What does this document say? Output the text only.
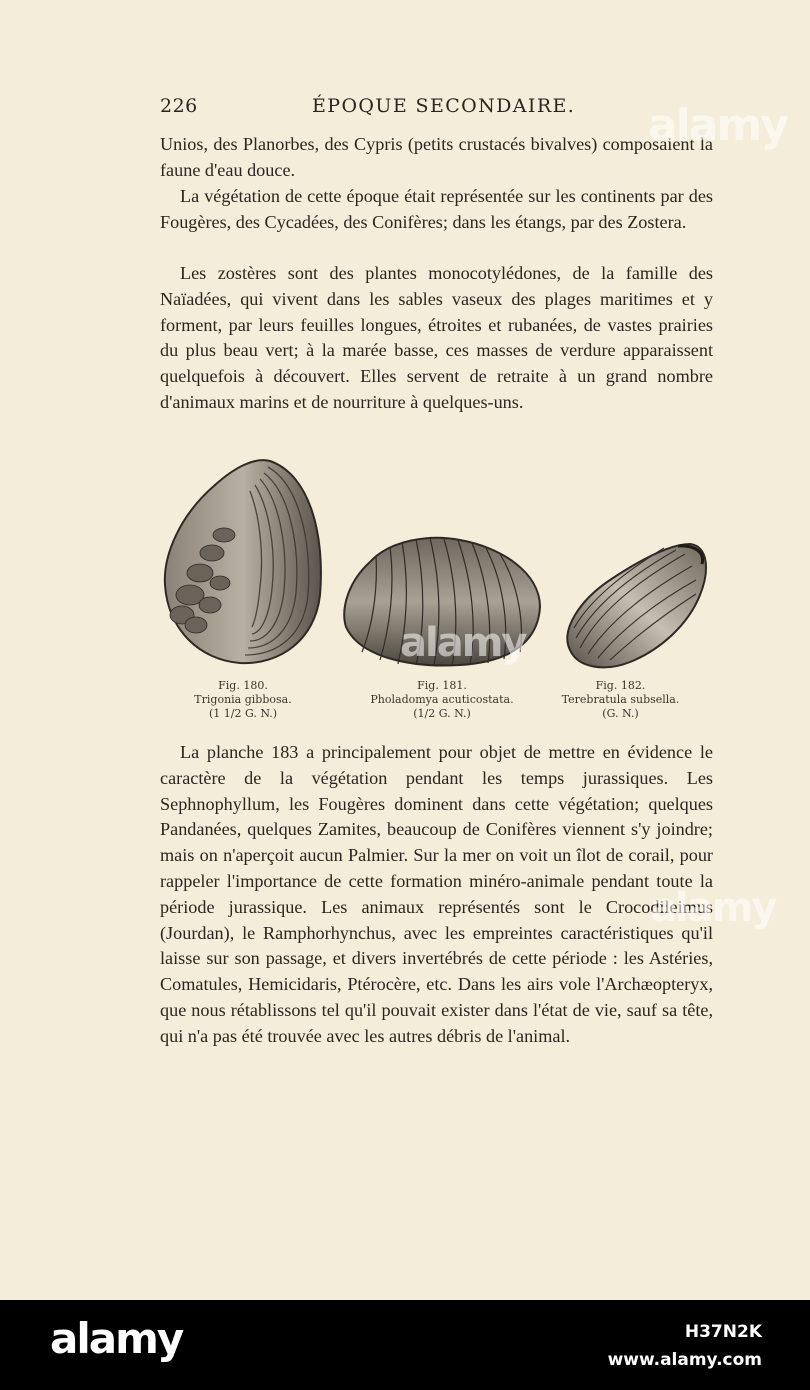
226	ÉPOQUE SECONDAIRE.

Unios, des Planorbes, des Cypris (petits crustacés bivalves) composaient la faune d'eau douce.

La végétation de cette époque était représentée sur les continents par des Fougères, des Cycadées, des Conifères; dans les étangs, par des Zostera.

Les zostères sont des plantes monocotylédones, de la famille des Naïadées, qui vivent dans les sables vaseux des plages maritimes et y forment, par leurs feuilles longues, étroites et rubanées, de vastes prairies du plus beau vert; à la marée basse, ces masses de verdure apparaissent quelquefois à découvert. Elles servent de retraite à un grand nombre d'animaux marins et de nourriture à quelques-uns.

Fig. 180.
Trigonia gibbosa.
(1 1/2 G. N.)
Fig. 181.
Pholadomya acuticostata.
(1/2 G. N.)
Fig. 182.
Terebratula subsella.
(G. N.)

La planche 183 a principalement pour objet de mettre en évidence le caractère de la végétation pendant les temps jurassiques. Les Sephnophyllum, les Fougères dominent dans cette végétation; quelques Pandanées, quelques Zamites, beaucoup de Conifères viennent s'y joindre; mais on n'aperçoit aucun Palmier. Sur la mer on voit un îlot de corail, pour rappeler l'importance de cette formation minéro-animale pendant toute la période jurassique. Les animaux représentés sont le Crocodileimus (Jourdan), le Ramphorhynchus, avec les empreintes caractéristiques qu'il laisse sur son passage, et divers invertébrés de cette période : les Astéries, Comatules, Hemicidaris, Ptérocère, etc. Dans les airs vole l'Archæopteryx, que nous rétablissons tel qu'il pouvait exister dans l'état de vie, sauf sa tête, qui n'a pas été trouvée avec les autres débris de l'animal.

alamy
alamy
alamy
alamy	H37N2K
www.alamy.com
